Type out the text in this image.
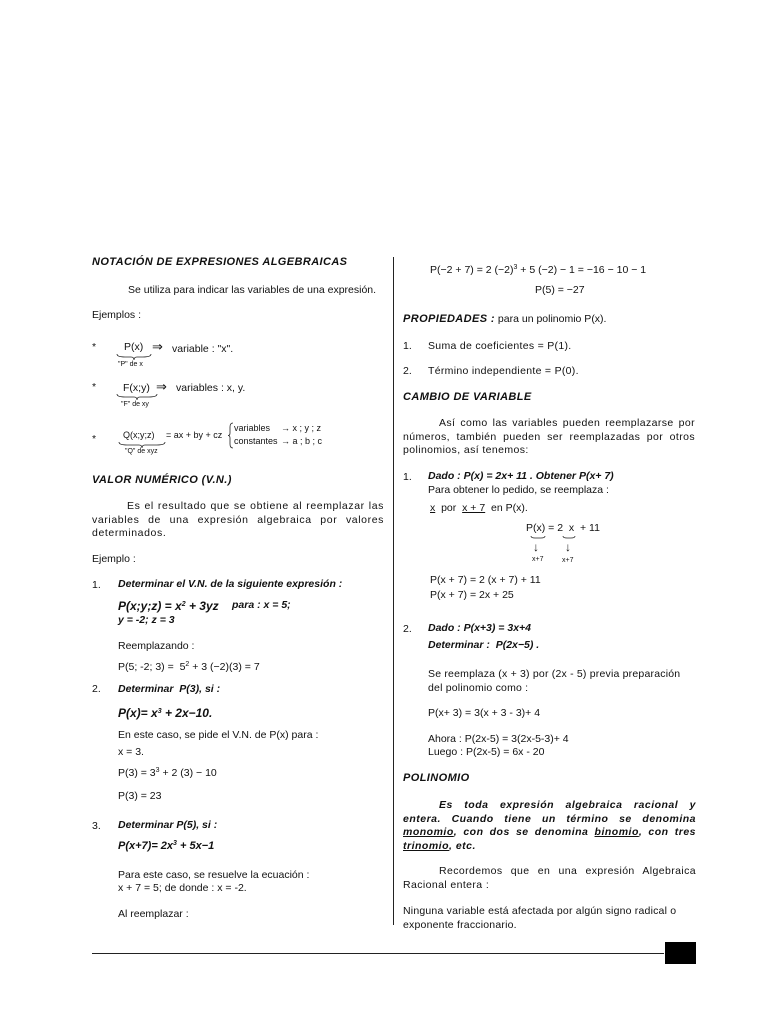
NOTACIÓN DE EXPRESIONES ALGEBRAICAS
Se utiliza para indicar las variables de una expresión.
Ejemplos :
*	P(x) ⇒ variable : "x".
"P" de x
*	F(x;y) ⇒ variables : x, y.
"F" de xy
*	Q(x;y;z) = ax + by + cz
variables → x ; y ; z
constantes → a ; b ; c
"Q" de xyz
VALOR NUMÉRICO (V.N.)
Es el resultado que se obtiene al reemplazar las variables de una expresión algebraica por valores determinados.
Ejemplo :
1. Determinar el V.N. de la siguiente expresión :
P(x;y;z) = $x^2 + 3yz$ para : x = 5;
y = -2; z = 3
Reemplazando :
P(5; -2; $3) = 5^2 + 3$ (−2)(3) = 7
2. Determinar P(3), si :
$P(x)= x^3 + 2x-10$.
En este caso, se pide el V.N. de P(x) para :
x = 3.
$P(3) = 3^3 + 2$ (3) − 10
P(3) = 23
3. Determinar P(5), si :
$P(x+7)= 2x^3 + 5x-1$
Para este caso, se resuelve la ecuación :
x + 7 = 5; de donde : x = -2.
Al reemplazar :
P(−2 + 7) = 2 $(-2)^3 + 5$ (−2) − 1 = −16 − 10 − 1
P(5) = −27
PROPIEDADES : para un polinomio P(x).
1. Suma de coeficientes = P(1).
2. Término independiente = P(0).
CAMBIO DE VARIABLE
Así como las variables pueden reemplazarse por números, también pueden ser reemplazadas por otros polinomios, así tenemos:
1. Dado : P(x) = 2x+ 11 . Obtener P(x+ 7)
Para obtener lo pedido, se reemplaza :
x por x + 7 en P(x).
P(x) = 2 x + 11
↓ ↓
x+7	x+7
P(x + 7) = 2 (x + 7) + 11
P(x + 7) = 2x + 25
2. Dado : P(x+3) = 3x+4
Determinar : P(2x−5) .
Se reemplaza (x + 3) por (2x - 5) previa preparación del polinomio como :
P(x+ 3) = 3(x + 3 - 3)+ 4
Ahora : P(2x-5) = 3(2x-5-3)+ 4
Luego : P(2x-5) = 6x - 20
POLINOMIO
Es toda expresión algebraica racional y entera. Cuando tiene un término se denomina monomio, con dos se denomina binomio, con tres trinomio, etc.
Recordemos que en una expresión Algebraica Racional entera :
Ninguna variable está afectada por algún signo radical o exponente fraccionario.
